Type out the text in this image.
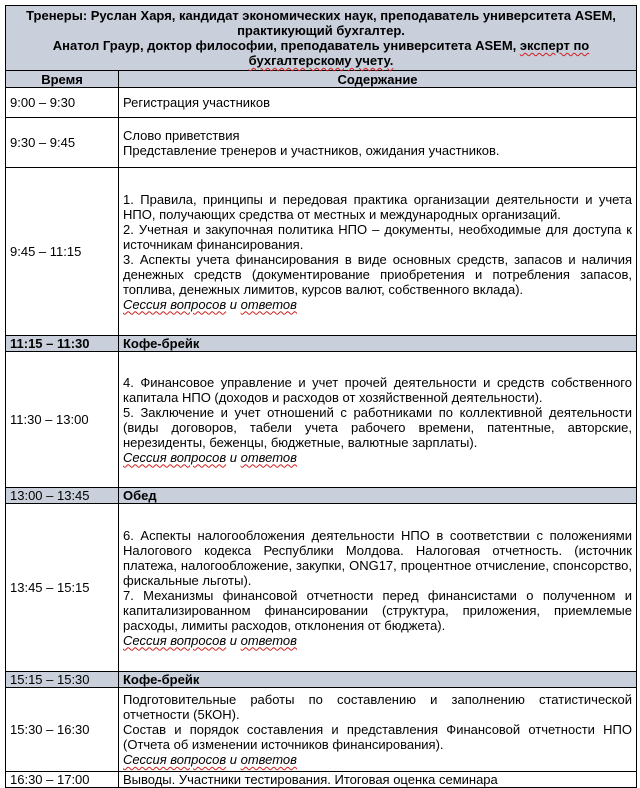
Тренеры: Руслан Харя, кандидат экономических наук, преподаватель университета ASEM, практикующий бухгалтер.
Анатол Граур, доктор философии, преподаватель университета ASEM, эксперт по бухгалтерскому учету.	

Время	Содержание
9:00 – 9:30	Регистрация участников

9:30 – 9:45	Слово приветствия

Представление тренеров и участников, ожидания участников.

9:45 – 11:15	1. Правила, принципы и передовая практика организации деятельности и учета НПО, получающих средства от местных и международных организаций.

2. Учетная и закупочная политика НПО – документы, необходимые для доступа к источникам финансирования.

3. Аспекты учета финансирования в виде основных средств, запасов и наличия денежных средств (документирование приобретения и потребления запасов, топлива, денежных лимитов, курсов валют, собственного вклада).

Сессия вопросов и ответов

11:15 – 11:30	Кофе-брейк
11:30 – 13:00	4. Финансовое управление и учет прочей деятельности и средств собственного капитала НПО (доходов и расходов от хозяйственной деятельности).

5. Заключение и учет отношений с работниками по коллективной деятельности (виды договоров, табели учета рабочего времени, патентные, авторские, нерезиденты, беженцы, бюджетные, валютные зарплаты).

Сессия вопросов и ответов

13:00 – 13:45	Обед
13:45 – 15:15	6. Аспекты налогообложения деятельности НПО в соответствии с положениями Налогового кодекса Республики Молдова. Налоговая отчетность. (источник платежа, налогообложение, закупки, ONG17, процентное отчисление, спонсорство, фискальные льготы).

7. Механизмы финансовой отчетности перед финансистами о полученном и капитализированном финансировании (структура, приложения, приемлемые расходы, лимиты расходов, отклонения от бюджета).

Сессия вопросов и ответов

15:15 – 15:30	Кофе-брейк
15:30 – 16:30	Подготовительные работы по составлению и заполнению статистической отчетности (5КОН).

Состав и порядок составления и представления Финансовой отчетности НПО (Отчета об изменении источников финансирования).

Сессия вопросов и ответов

16:30 – 17:00	Выводы. Участники тестирования. Итоговая оценка семинара
